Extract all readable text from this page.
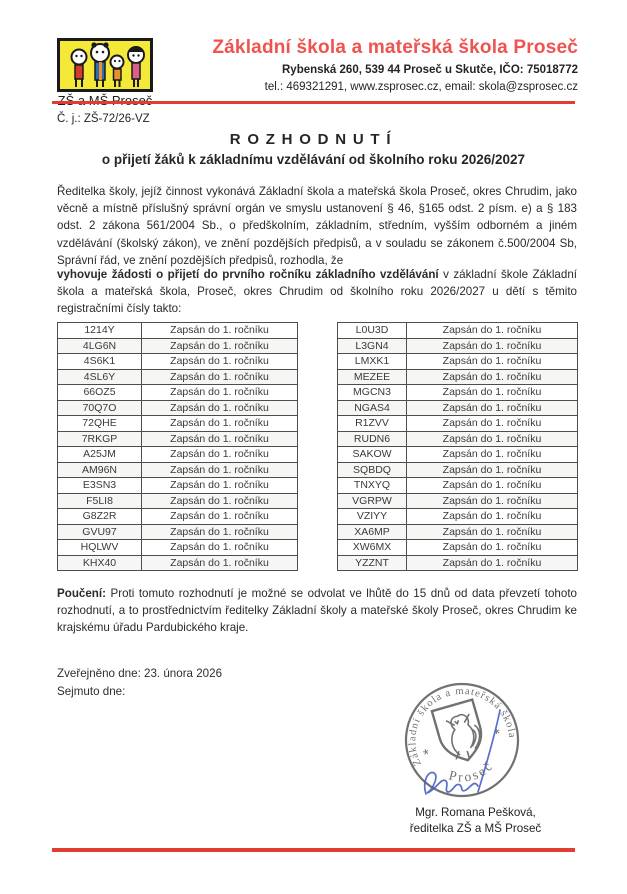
Základní škola a mateřská škola Proseč
Rybenská 260, 539 44 Proseč u Skutče, IČO: 75018772
tel.: 469321291, www.zsprosec.cz, email: skola@zsprosec.cz
Č. j.: ZŠ-72/26-VZ
ROZHODNUTÍ
o přijetí žáků k základnímu vzdělávání od školního roku 2026/2027
Ředitelka školy, jejíž činnost vykonává Základní škola a mateřská škola Proseč, okres Chrudim, jako věcně a místně příslušný správní orgán ve smyslu ustanovení § 46, §165 odst. 2 písm. e) a § 183 odst. 2 zákona 561/2004 Sb., o předškolním, základním, středním, vyšším odborném a jiném vzdělávání (školský zákon), ve znění pozdějších předpisů, a v souladu se zákonem č.500/2004 Sb, Správní řád, ve znění pozdějších předpisů, rozhodla, že
vyhovuje žádosti o přijetí do prvního ročníku základního vzdělávání v základní škole Základní škola a mateřská škola, Proseč, okres Chrudim od školního roku 2026/2027 u dětí s těmito registračními čísly takto:
1214Y	Zapsán do 1. ročníku
4LG6N	Zapsán do 1. ročníku
4S6K1	Zapsán do 1. ročníku
4SL6Y	Zapsán do 1. ročníku
66OZ5	Zapsán do 1. ročníku
70Q7O	Zapsán do 1. ročníku
72QHE	Zapsán do 1. ročníku
7RKGP	Zapsán do 1. ročníku
A25JM	Zapsán do 1. ročníku
AM96N	Zapsán do 1. ročníku
E3SN3	Zapsán do 1. ročníku
F5LI8	Zapsán do 1. ročníku
G8Z2R	Zapsán do 1. ročníku
GVU97	Zapsán do 1. ročníku
HQLWV	Zapsán do 1. ročníku
KHX40	Zapsán do 1. ročníku
L0U3D	Zapsán do 1. ročníku
L3GN4	Zapsán do 1. ročníku
LMXK1	Zapsán do 1. ročníku
MEZEE	Zapsán do 1. ročníku
MGCN3	Zapsán do 1. ročníku
NGAS4	Zapsán do 1. ročníku
R1ZVV	Zapsán do 1. ročníku
RUDN6	Zapsán do 1. ročníku
SAKOW	Zapsán do 1. ročníku
SQBDQ	Zapsán do 1. ročníku
TNXYQ	Zapsán do 1. ročníku
VGRPW	Zapsán do 1. ročníku
VZIYY	Zapsán do 1. ročníku
XA6MP	Zapsán do 1. ročníku
XW6MX	Zapsán do 1. ročníku
YZZNT	Zapsán do 1. ročníku
Poučení: Proti tomuto rozhodnutí je možné se odvolat ve lhůtě do 15 dnů od data převzetí tohoto rozhodnutí, a to prostřednictvím ředitelky Základní školy a mateřské školy Proseč, okres Chrudim ke krajskému úřadu Pardubického kraje.
Zveřejněno dne: 23. února 2026
Sejmuto dne:
Základní škola a mateřská škola
Proseč
*
*
Mgr. Romana Pešková,
ředitelka ZŠ a MŠ Proseč
